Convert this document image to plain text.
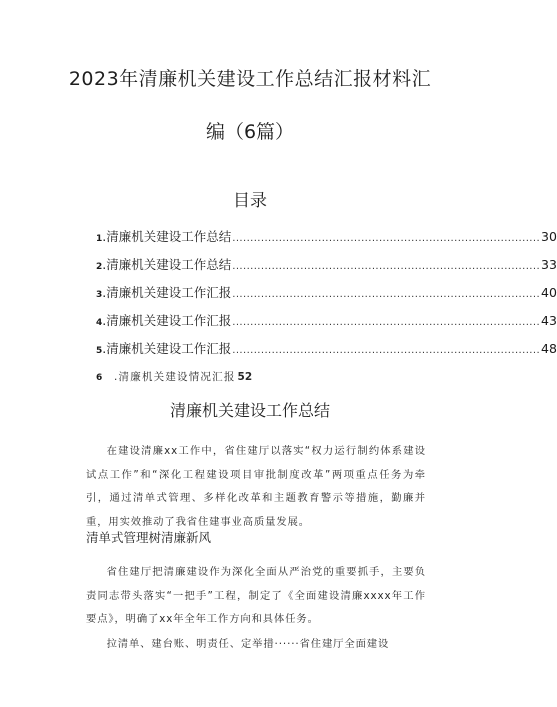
2023年清廉机关建设工作总结汇报材料汇
编（6篇）
目录
1 .清廉机关建设工作总结 ...................................................................................... 30
2 .清廉机关建设工作总结 ...................................................................................... 33
3 .清廉机关建设工作汇报 ...................................................................................... 40
4 .清廉机关建设工作汇报 ...................................................................................... 43
5 .清廉机关建设工作汇报 ...................................................................................... 48
6	.清廉机关建设情况汇报 52
清廉机关建设工作总结

在建设清廉xx工作中，省住建厅以落实“权力运行制约体系建设试点工作”和“深化工程建设项目审批制度改革”两项重点任务为牵引，通过清单式管理、多样化改革和主题教育警示等措施，勤廉并重，用实效推动了我省住建事业高质量发展。

清单式管理树清廉新风

省住建厅把清廉建设作为深化全面从严治党的重要抓手，主要负责同志带头落实“一把手”工程，制定了《全面建设清廉xxxx年工作要点》，明确了xx年全年工作方向和具体任务。

拉清单、建台账、明责任、定举措······省住建厅全面建设
